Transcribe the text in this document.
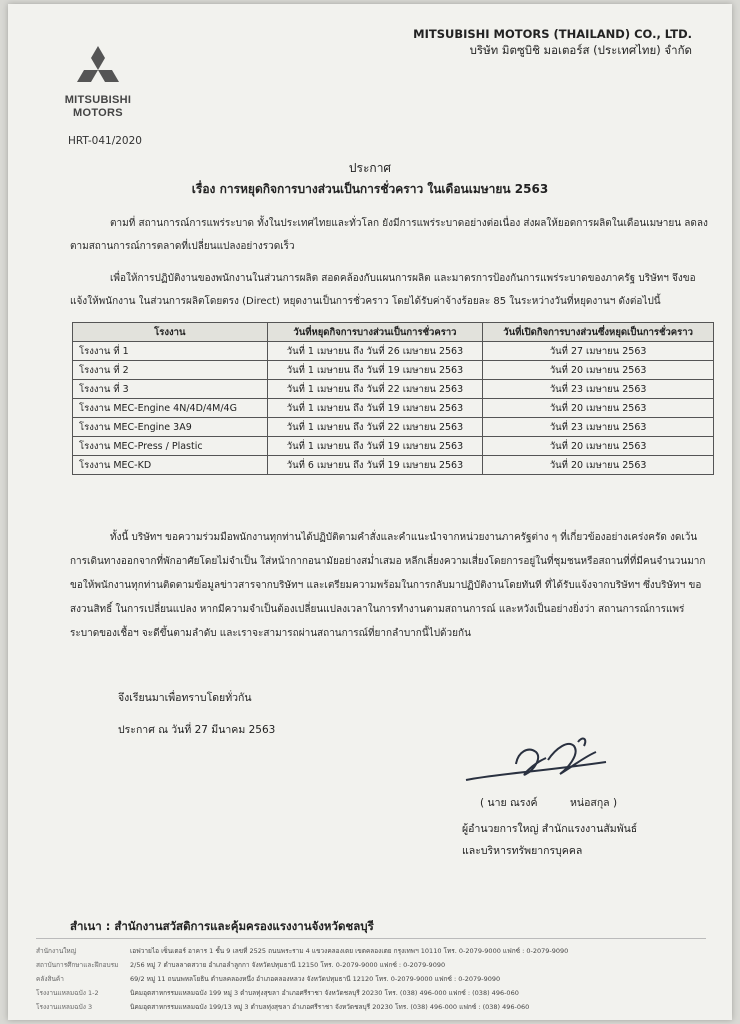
MITSUBISHI
MOTORS
MITSUBISHI MOTORS (THAILAND) CO., LTD.
บริษัท มิตซูบิชิ มอเตอร์ส (ประเทศไทย) จำกัด
HRT-041/2020
ประกาศ
เรื่อง การหยุดกิจการบางส่วนเป็นการชั่วคราว ในเดือนเมษายน 2563
ตามที่ สถานการณ์การแพร่ระบาด ทั้งในประเทศไทยและทั่วโลก ยังมีการแพร่ระบาดอย่างต่อเนื่อง ส่งผลให้ยอดการผลิตในเดือนเมษายน ลดลง ตามสถานการณ์การตลาดที่เปลี่ยนแปลงอย่างรวดเร็ว
เพื่อให้การปฏิบัติงานของพนักงานในส่วนการผลิต สอดคล้องกับแผนการผลิต และมาตรการป้องกันการแพร่ระบาดของภาครัฐ บริษัทฯ จึงขอแจ้งให้พนักงาน ในส่วนการผลิตโดยตรง (Direct) หยุดงานเป็นการชั่วคราว โดยได้รับค่าจ้างร้อยละ 85 ในระหว่างวันที่หยุดงานฯ ดังต่อไปนี้
โรงงาน	วันที่หยุดกิจการบางส่วนเป็นการชั่วคราว	วันที่เปิดกิจการบางส่วนซึ่งหยุดเป็นการชั่วคราว
โรงงาน ที่ 1	วันที่ 1 เมษายน ถึง วันที่ 26 เมษายน 2563	วันที่ 27 เมษายน 2563
โรงงาน ที่ 2	วันที่ 1 เมษายน ถึง วันที่ 19 เมษายน 2563	วันที่ 20 เมษายน 2563
โรงงาน ที่ 3	วันที่ 1 เมษายน ถึง วันที่ 22 เมษายน 2563	วันที่ 23 เมษายน 2563
โรงงาน MEC-Engine 4N/4D/4M/4G	วันที่ 1 เมษายน ถึง วันที่ 19 เมษายน 2563	วันที่ 20 เมษายน 2563
โรงงาน MEC-Engine 3A9	วันที่ 1 เมษายน ถึง วันที่ 22 เมษายน 2563	วันที่ 23 เมษายน 2563
โรงงาน MEC-Press / Plastic	วันที่ 1 เมษายน ถึง วันที่ 19 เมษายน 2563	วันที่ 20 เมษายน 2563
โรงงาน MEC-KD	วันที่ 6 เมษายน ถึง วันที่ 19 เมษายน 2563	วันที่ 20 เมษายน 2563
ทั้งนี้ บริษัทฯ ขอความร่วมมือพนักงานทุกท่านได้ปฏิบัติตามคำสั่งและคำแนะนำจากหน่วยงานภาครัฐต่าง ๆ ที่เกี่ยวข้องอย่างเคร่งครัด งดเว้นการเดินทางออกจากที่พักอาศัยโดยไม่จำเป็น ใส่หน้ากากอนามัยอย่างสม่ำเสมอ หลีกเลี่ยงความเสี่ยงโดยการอยู่ในที่ชุมชนหรือสถานที่ที่มีคนจำนวนมาก ขอให้พนักงานทุกท่านติดตามข้อมูลข่าวสารจากบริษัทฯ และเตรียมความพร้อมในการกลับมาปฏิบัติงานโดยทันที ที่ได้รับแจ้งจากบริษัทฯ ซึ่งบริษัทฯ ขอสงวนสิทธิ์ ในการเปลี่ยนแปลง หากมีความจำเป็นต้องเปลี่ยนแปลงเวลาในการทำงานตามสถานการณ์ และหวังเป็นอย่างยิ่งว่า สถานการณ์การแพร่ระบาดของเชื้อฯ จะดีขึ้นตามลำดับ และเราจะสามารถผ่านสถานการณ์ที่ยากลำบากนี้ไปด้วยกัน
จึงเรียนมาเพื่อทราบโดยทั่วกัน
ประกาศ ณ วันที่ 27 มีนาคม 2563
( นาย ณรงค์	หน่อสกุล )
ผู้อำนวยการใหญ่ สำนักแรงงานสัมพันธ์
และบริหารทรัพยากรบุคคล
สำเนา : สำนักงานสวัสดิการและคุ้มครองแรงงานจังหวัดชลบุรี
สำนักงานใหญ่	เอฟวายไอ เซ็นเตอร์ อาคาร 1 ชั้น 9 เลขที่ 2525 ถนนพระราม 4 แขวงคลองเตย เขตคลองเตย กรุงเทพฯ 10110 โทร. 0-2079-9000 แฟกซ์ : 0-2079-9090
สถาบันการศึกษาและฝึกอบรม 2/56 หมู่ 7 ตำบลลาดสวาย อำเภอลำลูกกา จังหวัดปทุมธานี 12150 โทร. 0-2079-9000 แฟกซ์ : 0-2079-9090
คลังสินค้า	69/2 หมู่ 11 ถนนพหลโยธิน ตำบลคลองหนึ่ง อำเภอคลองหลวง จังหวัดปทุมธานี 12120 โทร. 0-2079-9000 แฟกซ์ : 0-2079-9090
โรงงานแหลมฉบัง 1-2	นิคมอุตสาหกรรมแหลมฉบัง 199 หมู่ 3 ตำบลทุ่งสุขลา อำเภอศรีราชา จังหวัดชลบุรี 20230 โทร. (038) 496-000 แฟกซ์ : (038) 496-060
โรงงานแหลมฉบัง 3	นิคมอุตสาหกรรมแหลมฉบัง 199/13 หมู่ 3 ตำบลทุ่งสุขลา อำเภอศรีราชา จังหวัดชลบุรี 20230 โทร. (038) 496-000 แฟกซ์ : (038) 496-060
